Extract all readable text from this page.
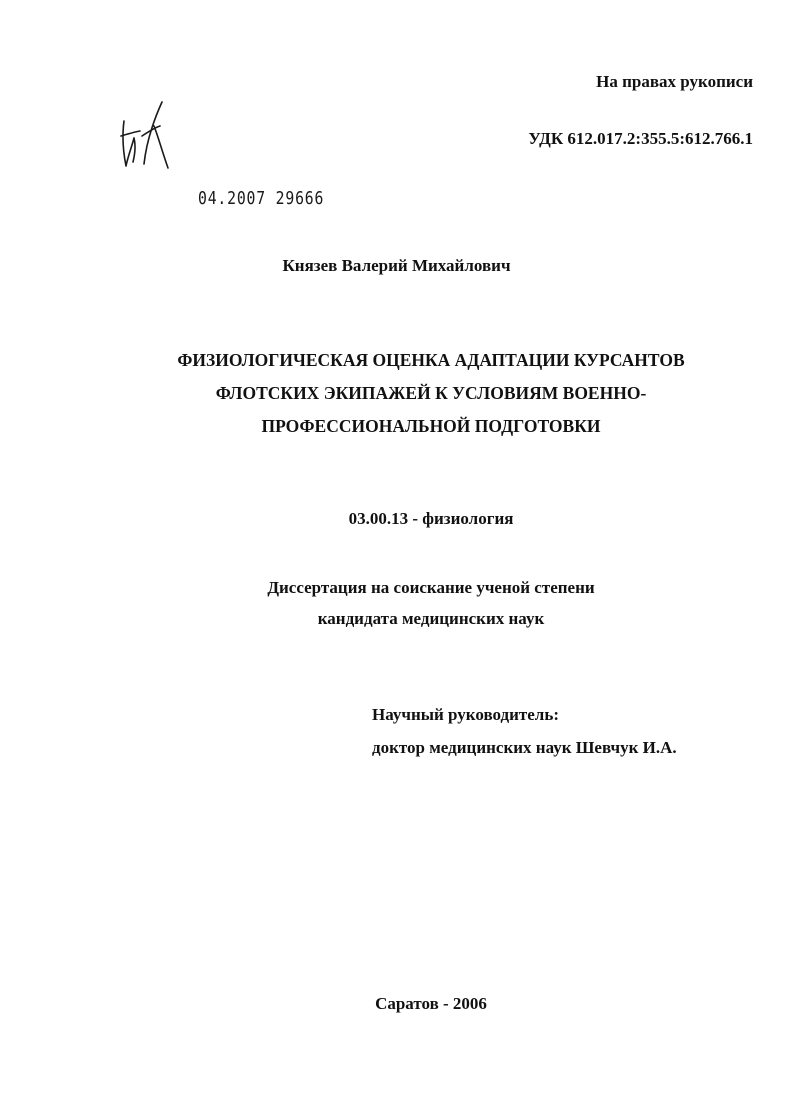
На правах рукописи
УДК 612.017.2:355.5:612.766.1
04.2007 29666
Князев Валерий Михайлович
ФИЗИОЛОГИЧЕСКАЯ ОЦЕНКА АДАПТАЦИИ КУРСАНТОВ
ФЛОТСКИХ ЭКИПАЖЕЙ К УСЛОВИЯМ ВОЕННО-
ПРОФЕССИОНАЛЬНОЙ ПОДГОТОВКИ
03.00.13 - физиология
Диссертация на соискание ученой степени
кандидата медицинских наук
Научный руководитель:
доктор медицинских наук Шевчук И.А.
Саратов - 2006
